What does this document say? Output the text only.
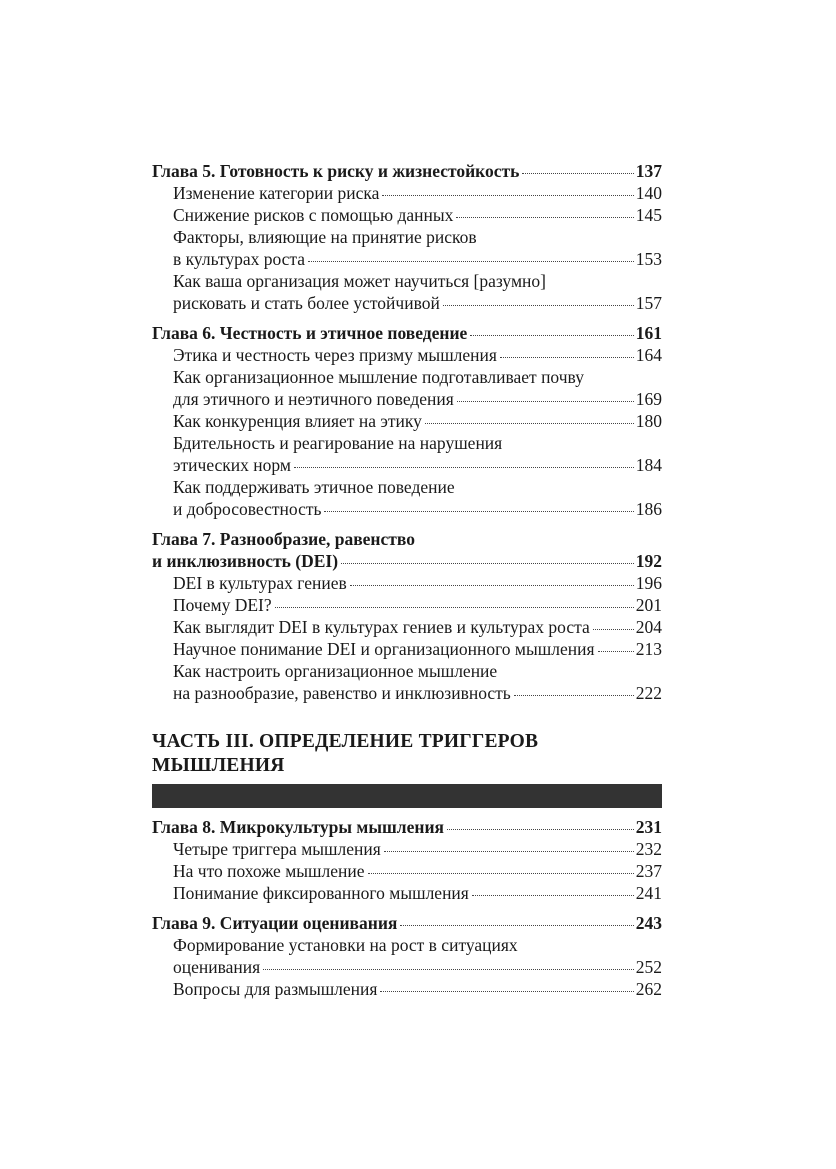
Глава 5. Готовность к риску и жизнестойкость	137
Изменение категории риска	140
Снижение рисков с помощью данных	145
Факторы, влияющие на принятие рисков
в культурах роста	153
Как ваша организация может научиться [разумно]
рисковать и стать более устойчивой	157
Глава 6. Честность и этичное поведение	161
Этика и честность через призму мышления	164
Как организационное мышление подготавливает почву
для этичного и неэтичного поведения	169
Как конкуренция влияет на этику	180
Бдительность и реагирование на нарушения
этических норм	184
Как поддерживать этичное поведение
и добросовестность	186
Глава 7. Разнообразие, равенство
и инклюзивность (DEI)	192
DEI в культурах гениев	196
Почему DEI?	201
Как выглядит DEI в культурах гениев и культурах роста	204
Научное понимание DEI и организационного мышления 213
Как настроить организационное мышление
на разнообразие, равенство и инклюзивность	222
ЧАСТЬ III. ОПРЕДЕЛЕНИЕ ТРИГГЕРОВ
МЫШЛЕНИЯ
Глава 8. Микрокультуры мышления	231
Четыре триггера мышления	232
На что похоже мышление	237
Понимание фиксированного мышления	241
Глава 9. Ситуации оценивания	243
Формирование установки на рост в ситуациях
оценивания	252
Вопросы для размышления	262
